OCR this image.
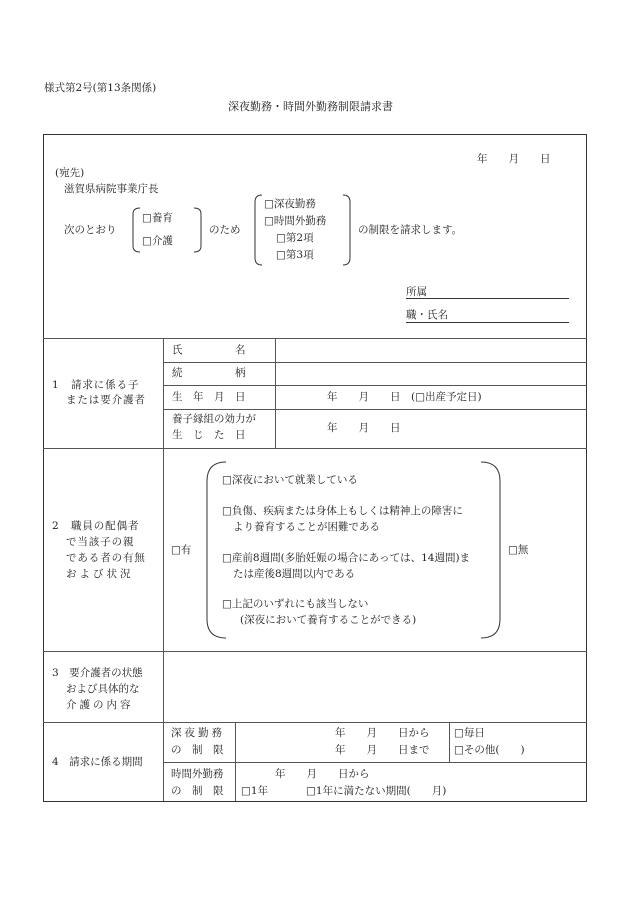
様式第2号(第13条関係)
深夜勤務・時間外勤務制限請求書
年　　月　　日
(宛先)
滋賀県病院事業庁長
次のとおり
□養育
□介護
のため
□深夜勤務
□時間外勤務
□第2項
□第3項
の制限を請求します。
所属
職・氏名
1　請求に係る子
または要介護者
氏　　　　　名
続　　　　　柄
生　年　月　日	年　　月　　日　(□出産予定日)
養子縁組の効力が
生　じ　た　日
年　　月　　日
2　職員の配偶者
で当該子の親
である者の有無
および状況
□有
□深夜において就業している
□負傷、疾病または身体上もしくは精神上の障害に
より養育することが困難である
□産前8週間(多胎妊娠の場合にあっては、14週間)ま
たは産後8週間以内である
□上記のいずれにも該当しない
(深夜において養育することができる)
□無
3　要介護者の状態
および具体的な
介護の内容
4　請求に係る期間
深夜勤務
の　制　限
年　　月　　日から
年　　月　　日まで
□毎日
□その他(　　)
時間外勤務
の　制　限
年　　月　　日から
□1年	□1年に満たない期間(　　月)
